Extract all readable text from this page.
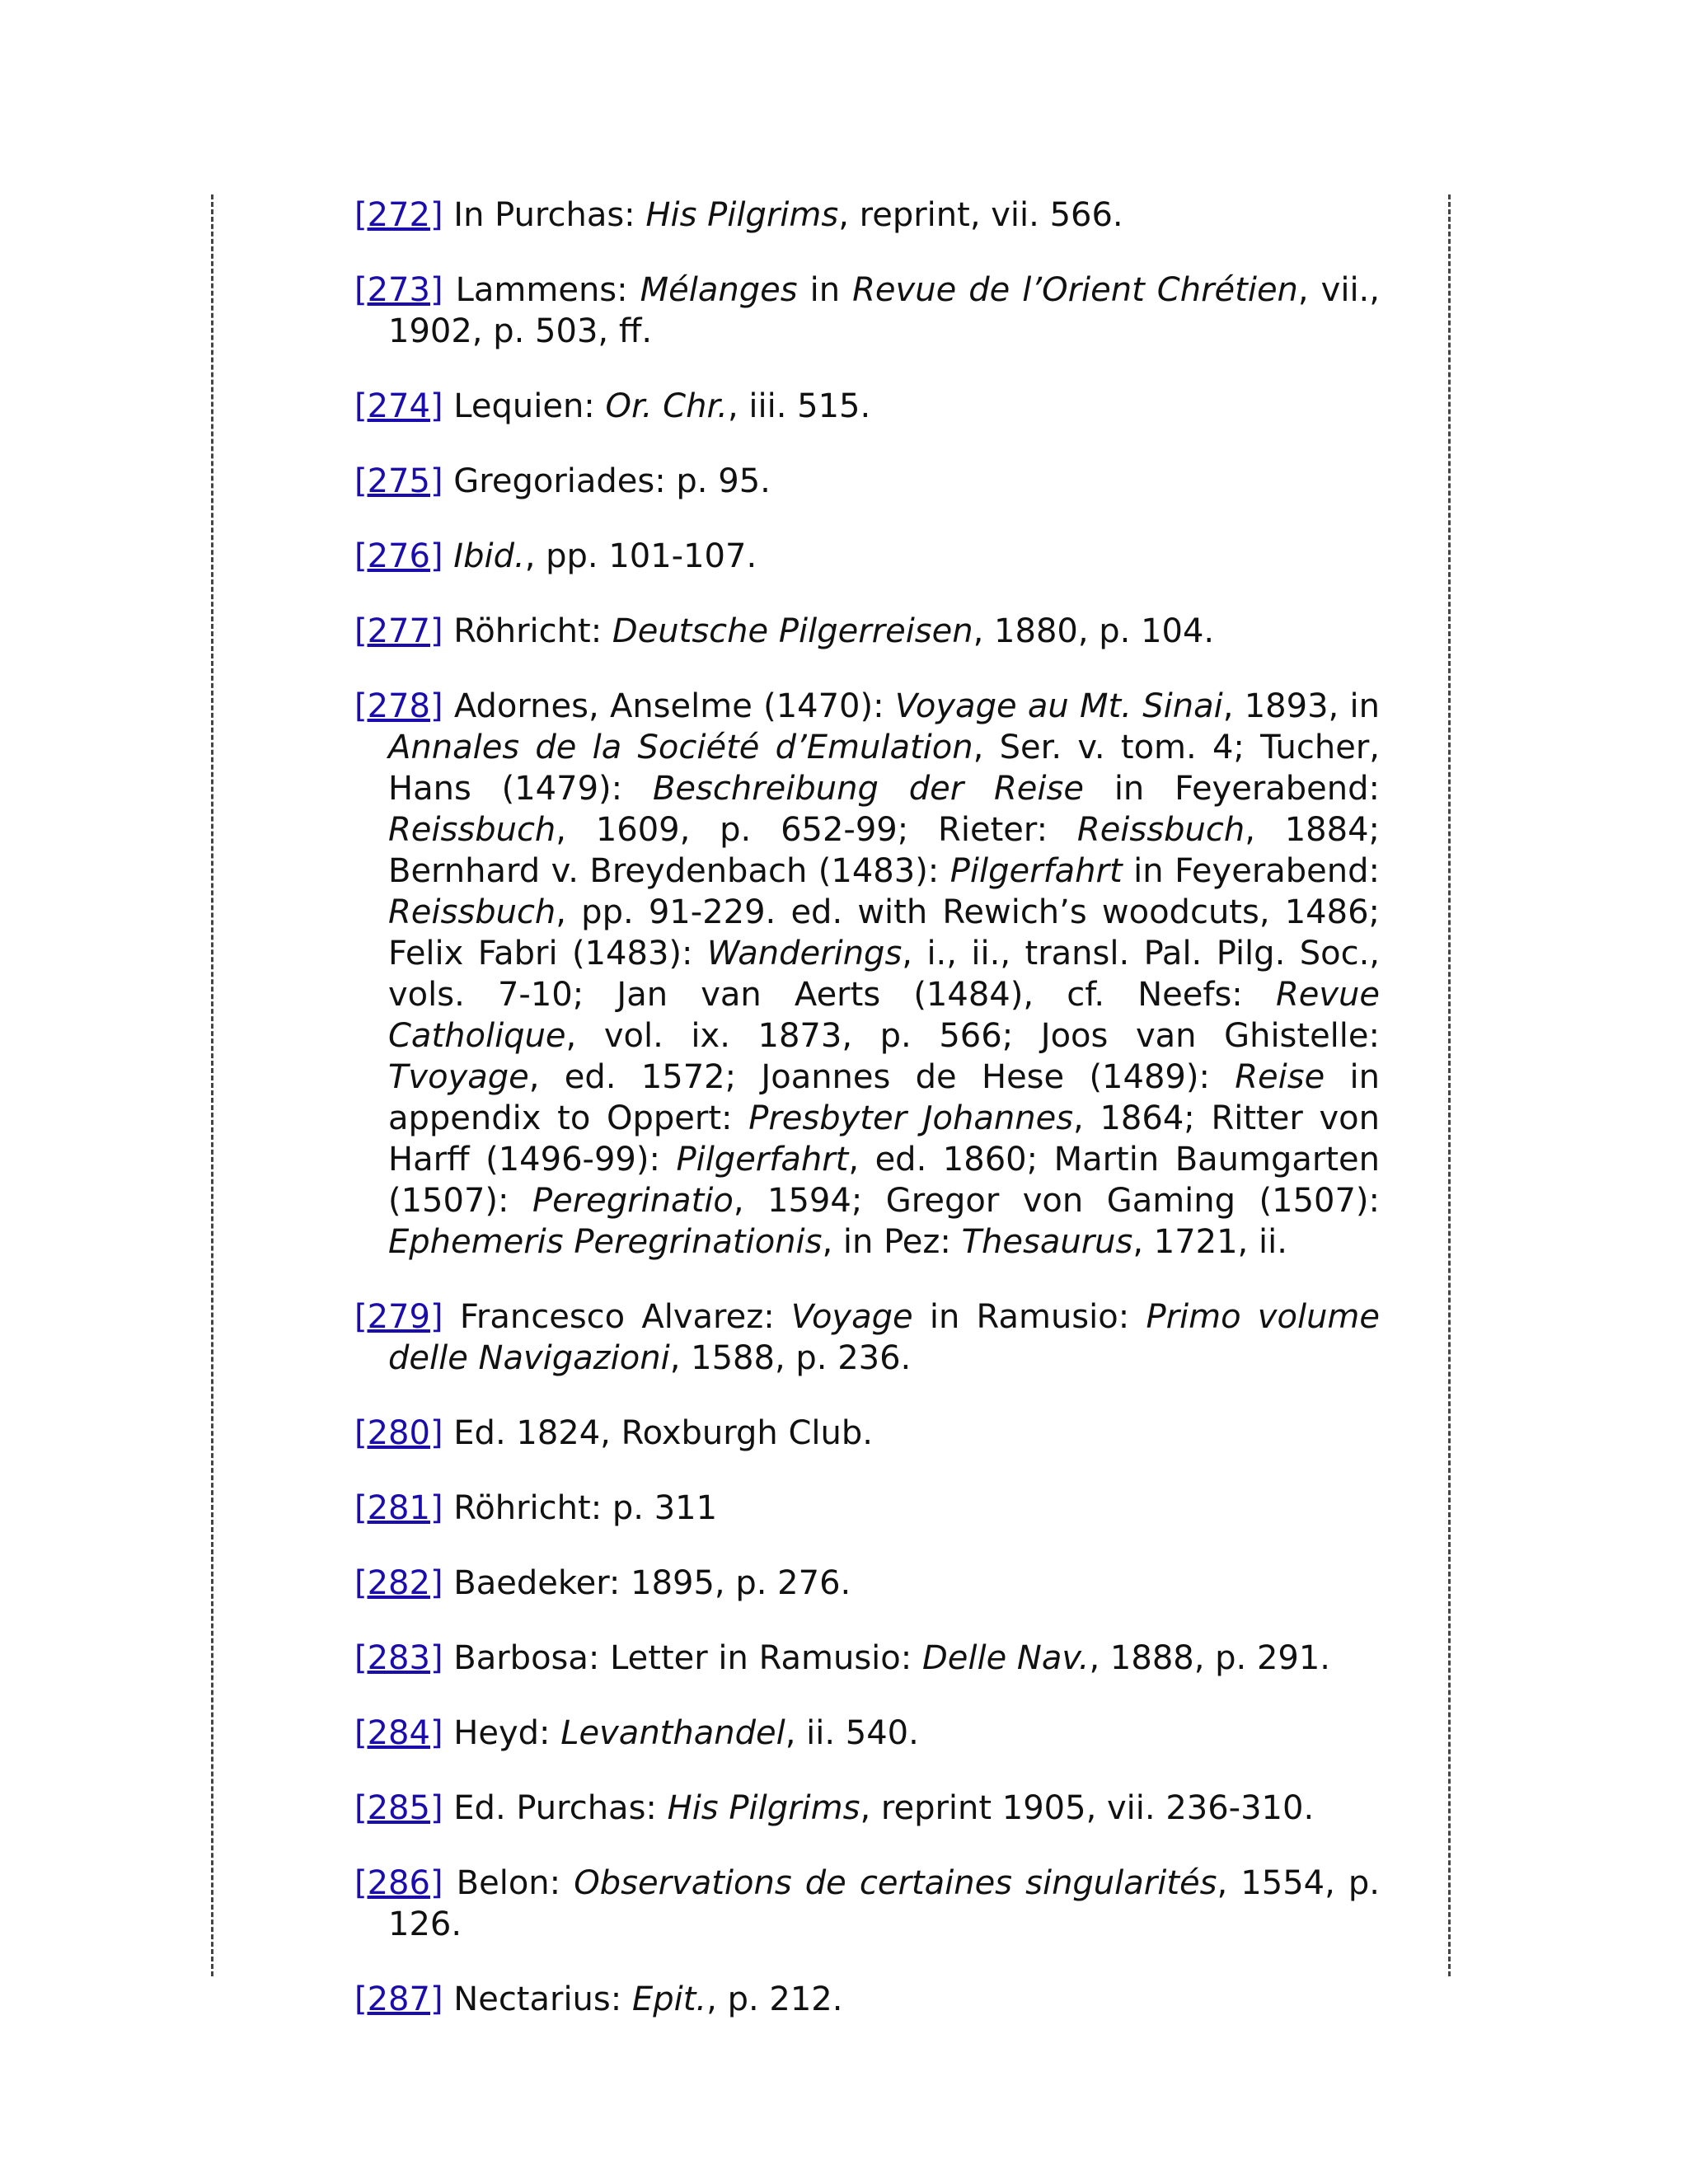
[272] In Purchas: His Pilgrims, reprint, vii. 566.

[273] Lammens: Mélanges in Revue de l’Orient Chrétien, vii., 1902, p. 503, ff.

[274] Lequien: Or. Chr., iii. 515.

[275] Gregoriades: p. 95.

[276] Ibid., pp. 101-107.

[277] Röhricht: Deutsche Pilgerreisen, 1880, p. 104.

[278] Adornes, Anselme (1470): Voyage au Mt. Sinai, 1893, in Annales de la Société d’Emulation, Ser. v. tom. 4; Tucher, Hans (1479): Beschreibung der Reise in Feyerabend: Reissbuch, 1609, p. 652-99; Rieter: Reissbuch, 1884; Bernhard v. Breydenbach (1483): Pilgerfahrt in Feyerabend: Reissbuch, pp. 91-229. ed. with Rewich’s woodcuts, 1486; Felix Fabri (1483): Wanderings, i., ii., transl. Pal. Pilg. Soc., vols. 7-10; Jan van Aerts (1484), cf. Neefs: Revue Catholique, vol. ix. 1873, p. 566; Joos van Ghistelle: Tvoyage, ed. 1572; Joannes de Hese (1489): Reise in appendix to Oppert: Presbyter Johannes, 1864; Ritter von Harff (1496-99): Pilgerfahrt, ed. 1860; Martin Baumgarten (1507): Peregrinatio, 1594; Gregor von Gaming (1507): Ephemeris Peregrinationis, in Pez: Thesaurus, 1721, ii.

[279] Francesco Alvarez: Voyage in Ramusio: Primo volume delle Navigazioni, 1588, p. 236.

[280] Ed. 1824, Roxburgh Club.

[281] Röhricht: p. 311

[282] Baedeker: 1895, p. 276.

[283] Barbosa: Letter in Ramusio: Delle Nav., 1888, p. 291.

[284] Heyd: Levanthandel, ii. 540.

[285] Ed. Purchas: His Pilgrims, reprint 1905, vii. 236-310.

[286] Belon: Observations de certaines singularités, 1554, p. 126.

[287] Nectarius: Epit., p. 212.
